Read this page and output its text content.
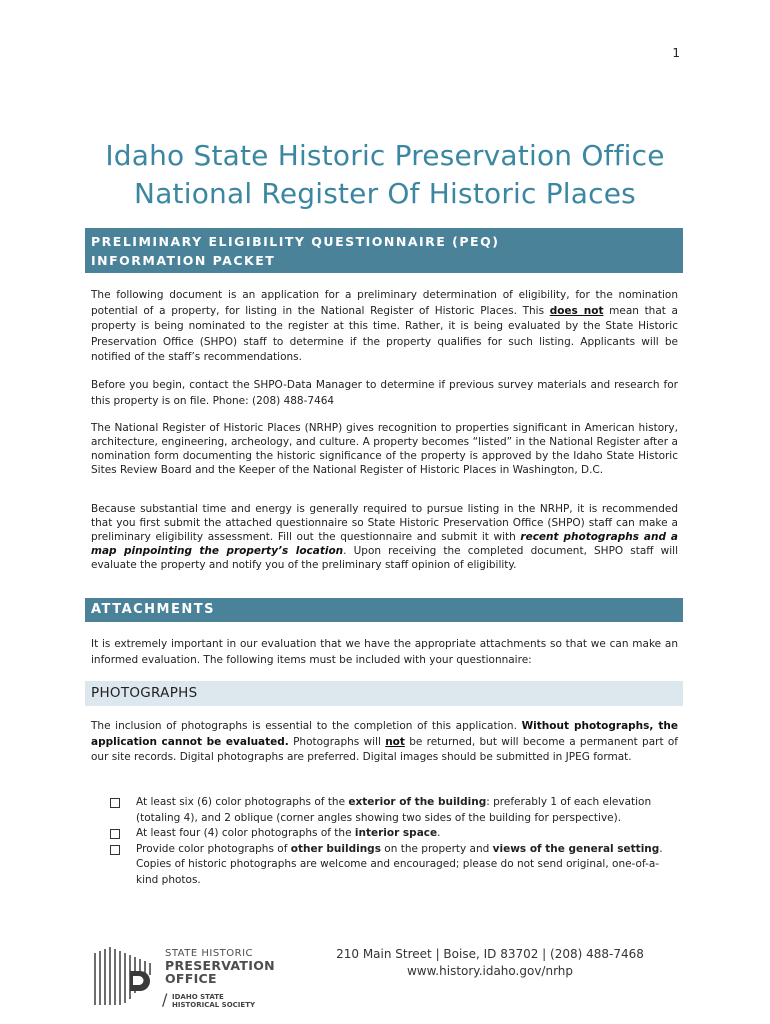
1
Idaho State Historic Preservation Office
National Register Of Historic Places
PRELIMINARY ELIGIBILITY QUESTIONNAIRE (PEQ)
INFORMATION PACKET

The following document is an application for a preliminary determination of eligibility, for the nomination potential of a property, for listing in the National Register of Historic Places. This does not mean that a property is being nominated to the register at this time. Rather, it is being evaluated by the State Historic Preservation Office (SHPO) staff to determine if the property qualifies for such listing. Applicants will be notified of the staff’s recommendations.

Before you begin, contact the SHPO-Data Manager to determine if previous survey materials and research for this property is on file. Phone: (208) 488-7464

The National Register of Historic Places (NRHP) gives recognition to properties significant in American history, architecture, engineering, archeology, and culture. A property becomes “listed” in the National Register after a nomination form documenting the historic significance of the property is approved by the Idaho State Historic Sites Review Board and the Keeper of the National Register of Historic Places in Washington, D.C.

Because substantial time and energy is generally required to pursue listing in the NRHP, it is recommended that you first submit the attached questionnaire so State Historic Preservation Office (SHPO) staff can make a preliminary eligibility assessment. Fill out the questionnaire and submit it with recent photographs and a map pinpointing the property’s location. Upon receiving the completed document, SHPO staff will evaluate the property and notify you of the preliminary staff opinion of eligibility.

ATTACHMENTS

It is extremely important in our evaluation that we have the appropriate attachments so that we can make an informed evaluation. The following items must be included with your questionnaire:

PHOTOGRAPHS

The inclusion of photographs is essential to the completion of this application. Without photographs, the application cannot be evaluated. Photographs will not be returned, but will become a permanent part of our site records. Digital photographs are preferred. Digital images should be submitted in JPEG format.

At least six (6) color photographs of the exterior of the building: preferably 1 of each elevation (totaling 4), and 2 oblique (corner angles showing two sides of the building for perspective).
At least four (4) color photographs of the interior space.
Provide color photographs of other buildings on the property and views of the general setting. Copies of historic photographs are welcome and encouraged; please do not send original, one-of-a-kind photos.
STATE HISTORIC
PRESERVATION
OFFICE
/ IDAHO STATE
HISTORICAL SOCIETY
210 Main Street | Boise, ID 83702 | (208) 488-7468
www.history.idaho.gov/nrhp
